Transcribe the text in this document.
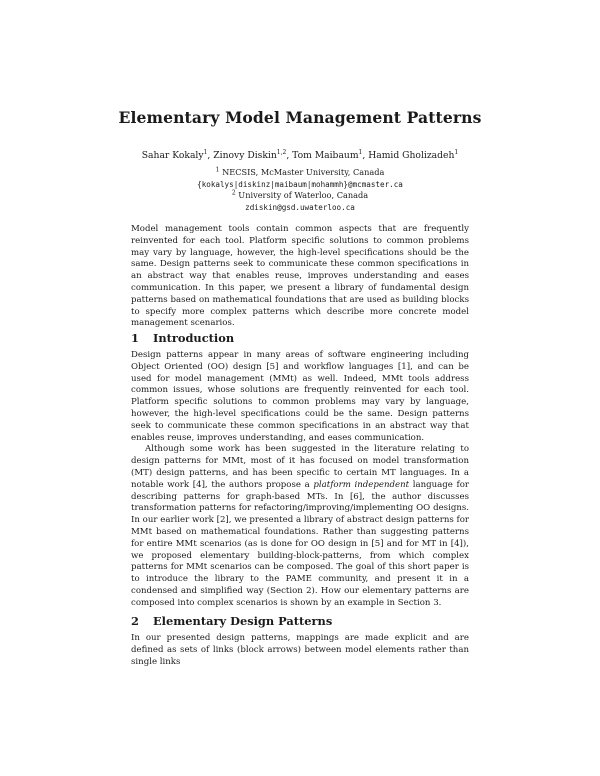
Elementary Model Management Patterns
Sahar Kokaly$^1$, Zinovy Diskin$^{1,2}$, Tom Maibaum$^1$, Hamid Gholizadeh$^1$
$^1$ NECSIS, McMaster University, Canada
{kokalys|diskinz|maibaum|mohammh}@mcmaster.ca
$^2$ University of Waterloo, Canada
zdiskin@gsd.uwaterloo.ca
Model management tools contain common aspects that are frequently reinvented for each tool. Platform specific solutions to common problems may vary by language, however, the high-level specifications should be the same. Design patterns seek to communicate these common specifications in an abstract way that enables reuse, improves understanding and eases communication. In this paper, we present a library of fundamental design patterns based on mathematical foundations that are used as building blocks to specify more complex patterns which describe more concrete model management scenarios.
1 Introduction

Design patterns appear in many areas of software engineering including Object Oriented (OO) design [5] and workflow languages [1], and can be used for model management (MMt) as well. Indeed, MMt tools address common issues, whose solutions are frequently reinvented for each tool. Platform specific solutions to common problems may vary by language, however, the high-level specifications could be the same. Design patterns seek to communicate these common specifications in an abstract way that enables reuse, improves understanding, and eases communication.

Although some work has been suggested in the literature relating to design patterns for MMt, most of it has focused on model transformation (MT) design patterns, and has been specific to certain MT languages. In a notable work [4], the authors propose a platform independent language for describing patterns for graph-based MTs. In [6], the author discusses transformation patterns for refactoring/improving/implementing OO designs. In our earlier work [2], we presented a library of abstract design patterns for MMt based on mathematical foundations. Rather than suggesting patterns for entire MMt scenarios (as is done for OO design in [5] and for MT in [4]), we proposed elementary building-block-patterns, from which complex patterns for MMt scenarios can be composed. The goal of this short paper is to introduce the library to the PAME community, and present it in a condensed and simplified way (Section 2). How our elementary patterns are composed into complex scenarios is shown by an example in Section 3.

2 Elementary Design Patterns

In our presented design patterns, mappings are made explicit and are defined as sets of links (block arrows) between model elements rather than single links
